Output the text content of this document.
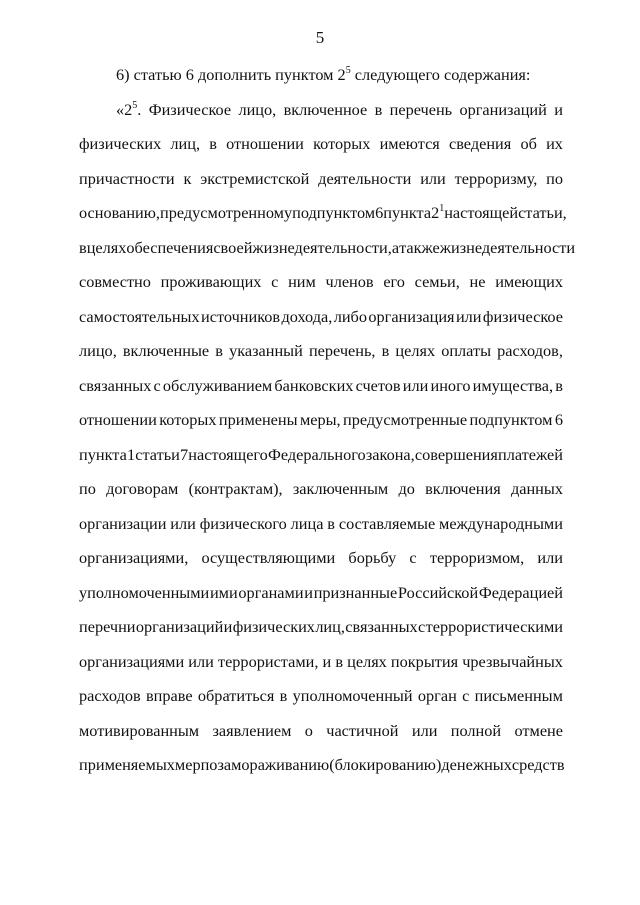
5
6) статью 6 дополнить пунктом $2^5$ следующего содержания:
«$2^5$. Физическое лицо, включенное в перечень организаций и
физических лиц, в отношении которых имеются сведения об их
причастности к экстремистской деятельности или терроризму, по
основанию, предусмотренному подпунктом 6 пункта $2^1$ настоящей статьи,
в целях обеспечения своей жизнедеятельности, а также жизнедеятельности
совместно проживающих с ним членов его семьи, не имеющих
самостоятельных источников дохода, либо организация или физическое
лицо, включенные в указанный перечень, в целях оплаты расходов,
связанных с обслуживанием банковских счетов или иного имущества, в
отношении которых применены меры, предусмотренные подпунктом 6
пункта 1 статьи 7 настоящего Федерального закона, совершения платежей
по договорам (контрактам), заключенным до включения данных
организации или физического лица в составляемые международными
организациями, осуществляющими борьбу с терроризмом, или
уполномоченными ими органами и признанные Российской Федерацией
перечни организаций и физических лиц, связанных с террористическими
организациями или террористами, и в целях покрытия чрезвычайных
расходов вправе обратиться в уполномоченный орган с письменным
мотивированным заявлением о частичной или полной отмене
применяемых мер по замораживанию (блокированию) денежных средств
